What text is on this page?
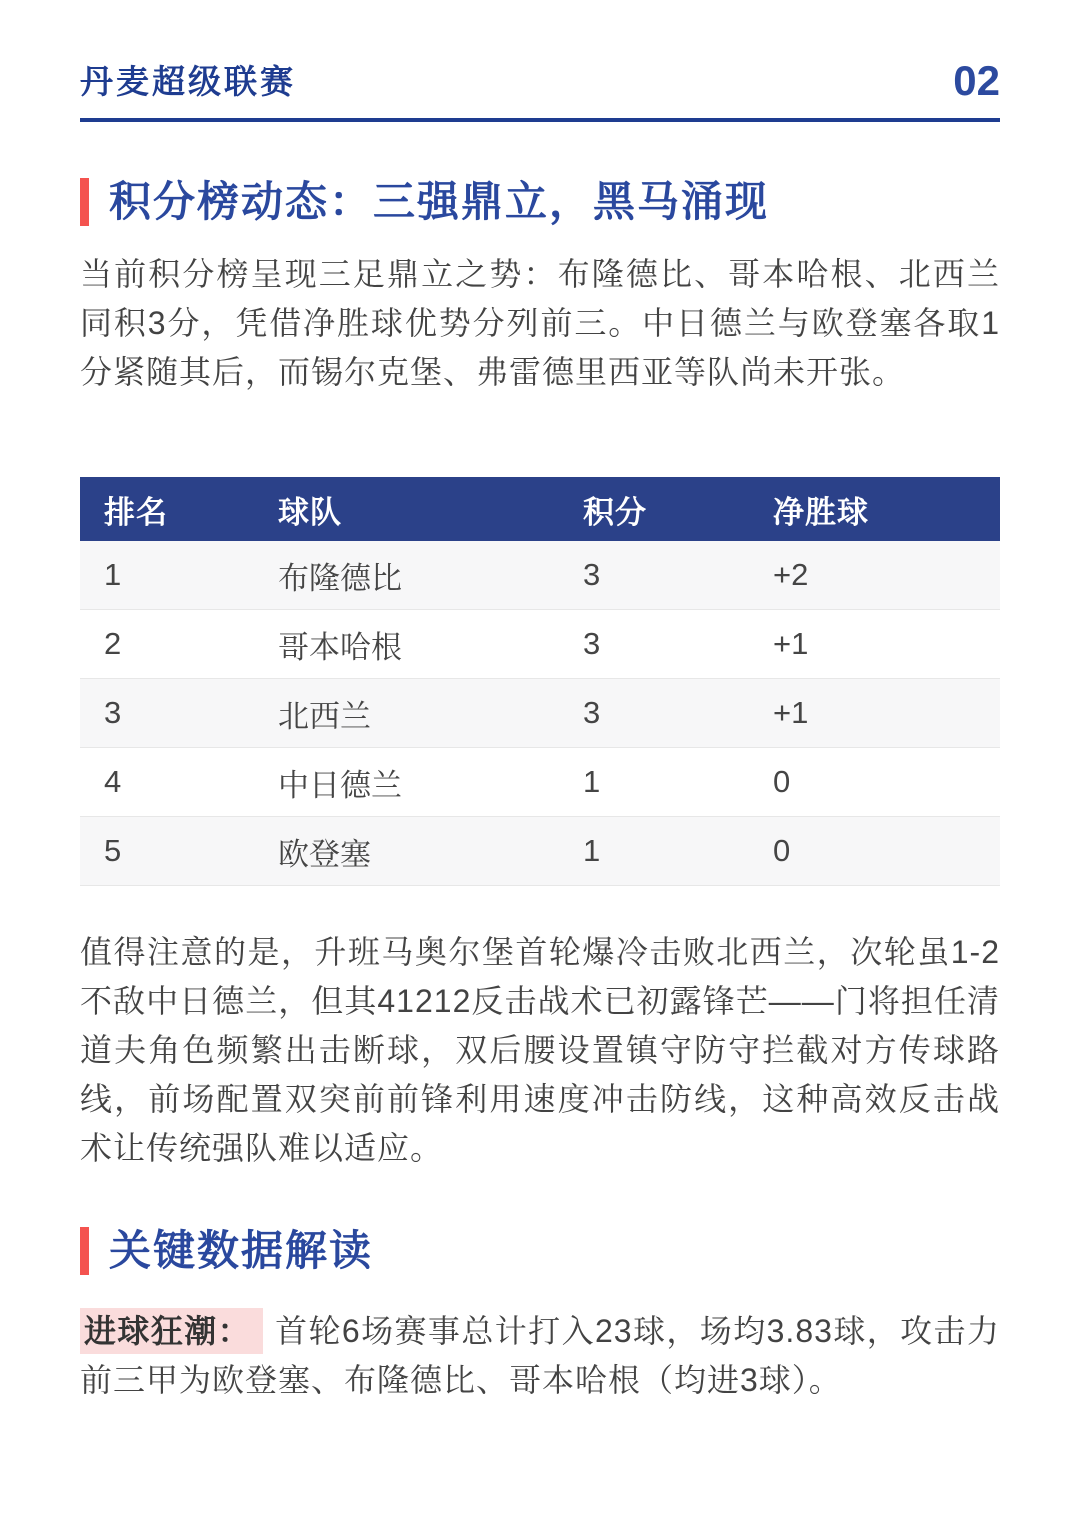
丹麦超级联赛	02
积分榜动态：三强鼎立，黑马涌现

当前积分榜呈现三足鼎立之势：布隆德比、哥本哈根、北西兰同积3分，凭借净胜球优势分列前三。中日德兰与欧登塞各取1分紧随其后，而锡尔克堡、弗雷德里西亚等队尚未开张。

排名	球队	积分	净胜球
1	布隆德比	3	+2
2	哥本哈根	3	+1
3	北西兰	3	+1
4	中日德兰	1	0
5	欧登塞	1	0

值得注意的是，升班马奥尔堡首轮爆冷击败北西兰，次轮虽1-2不敌中日德兰，但其41212反击战术已初露锋芒——门将担任清道夫角色频繁出击断球，双后腰设置镇守防守拦截对方传球路线，前场配置双突前前锋利用速度冲击防线，这种高效反击战术让传统强队难以适应。

关键数据解读

进球狂潮： 首轮6场赛事总计打入23球，场均3.83球，攻击力前三甲为欧登塞、布隆德比、哥本哈根（均进3球）。
